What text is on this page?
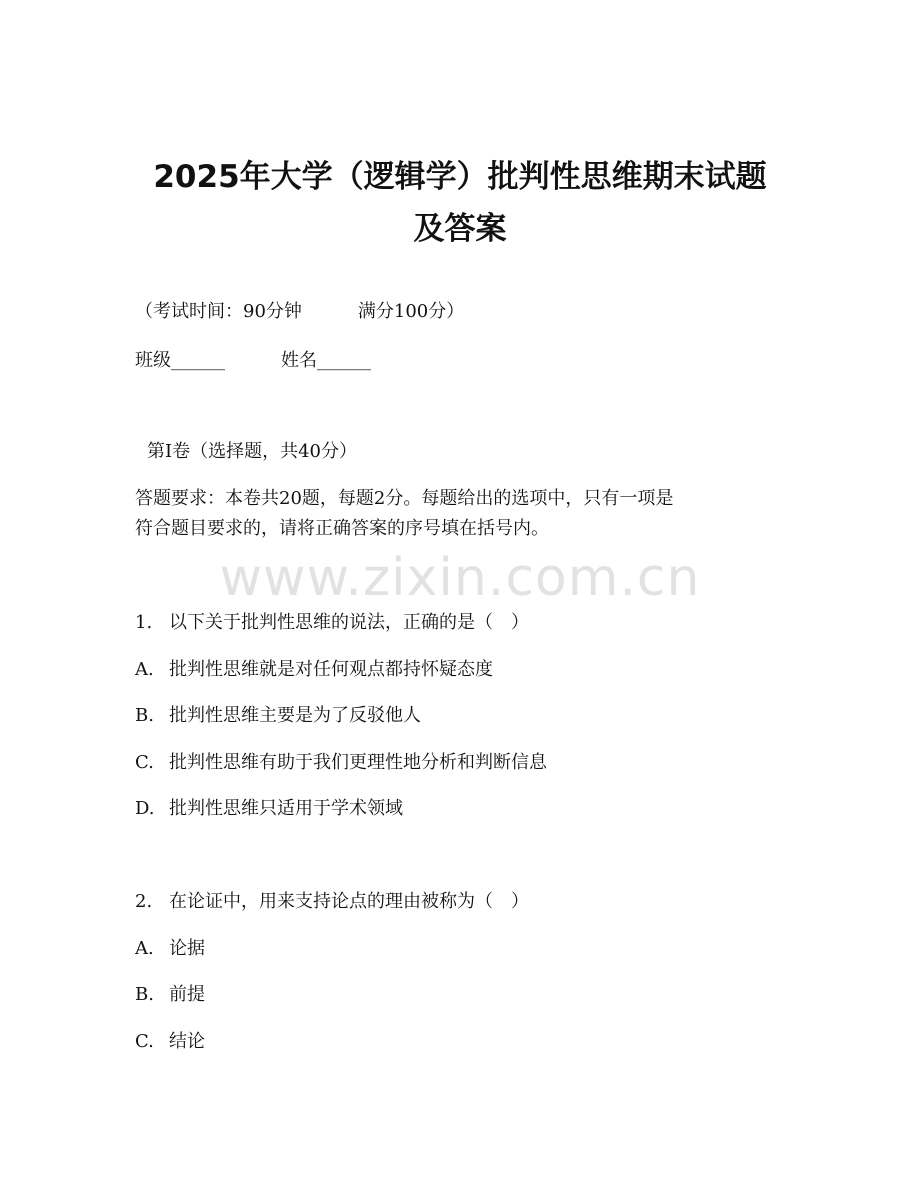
2025年大学（逻辑学）批判性思维期末试题
及答案
（考试时间：90分钟	满分100分）
班级______	姓名______
第Ⅰ卷（选择题，共40分）
答题要求：本卷共20题，每题2分。每题给出的选项中，只有一项是
符合题目要求的，请将正确答案的序号填在括号内。
www.zixin.com.cn
1. 以下关于批判性思维的说法，正确的是（　）
A. 批判性思维就是对任何观点都持怀疑态度
B. 批判性思维主要是为了反驳他人
C. 批判性思维有助于我们更理性地分析和判断信息
D. 批判性思维只适用于学术领域
2. 在论证中，用来支持论点的理由被称为（　）
A. 论据
B. 前提
C. 结论
